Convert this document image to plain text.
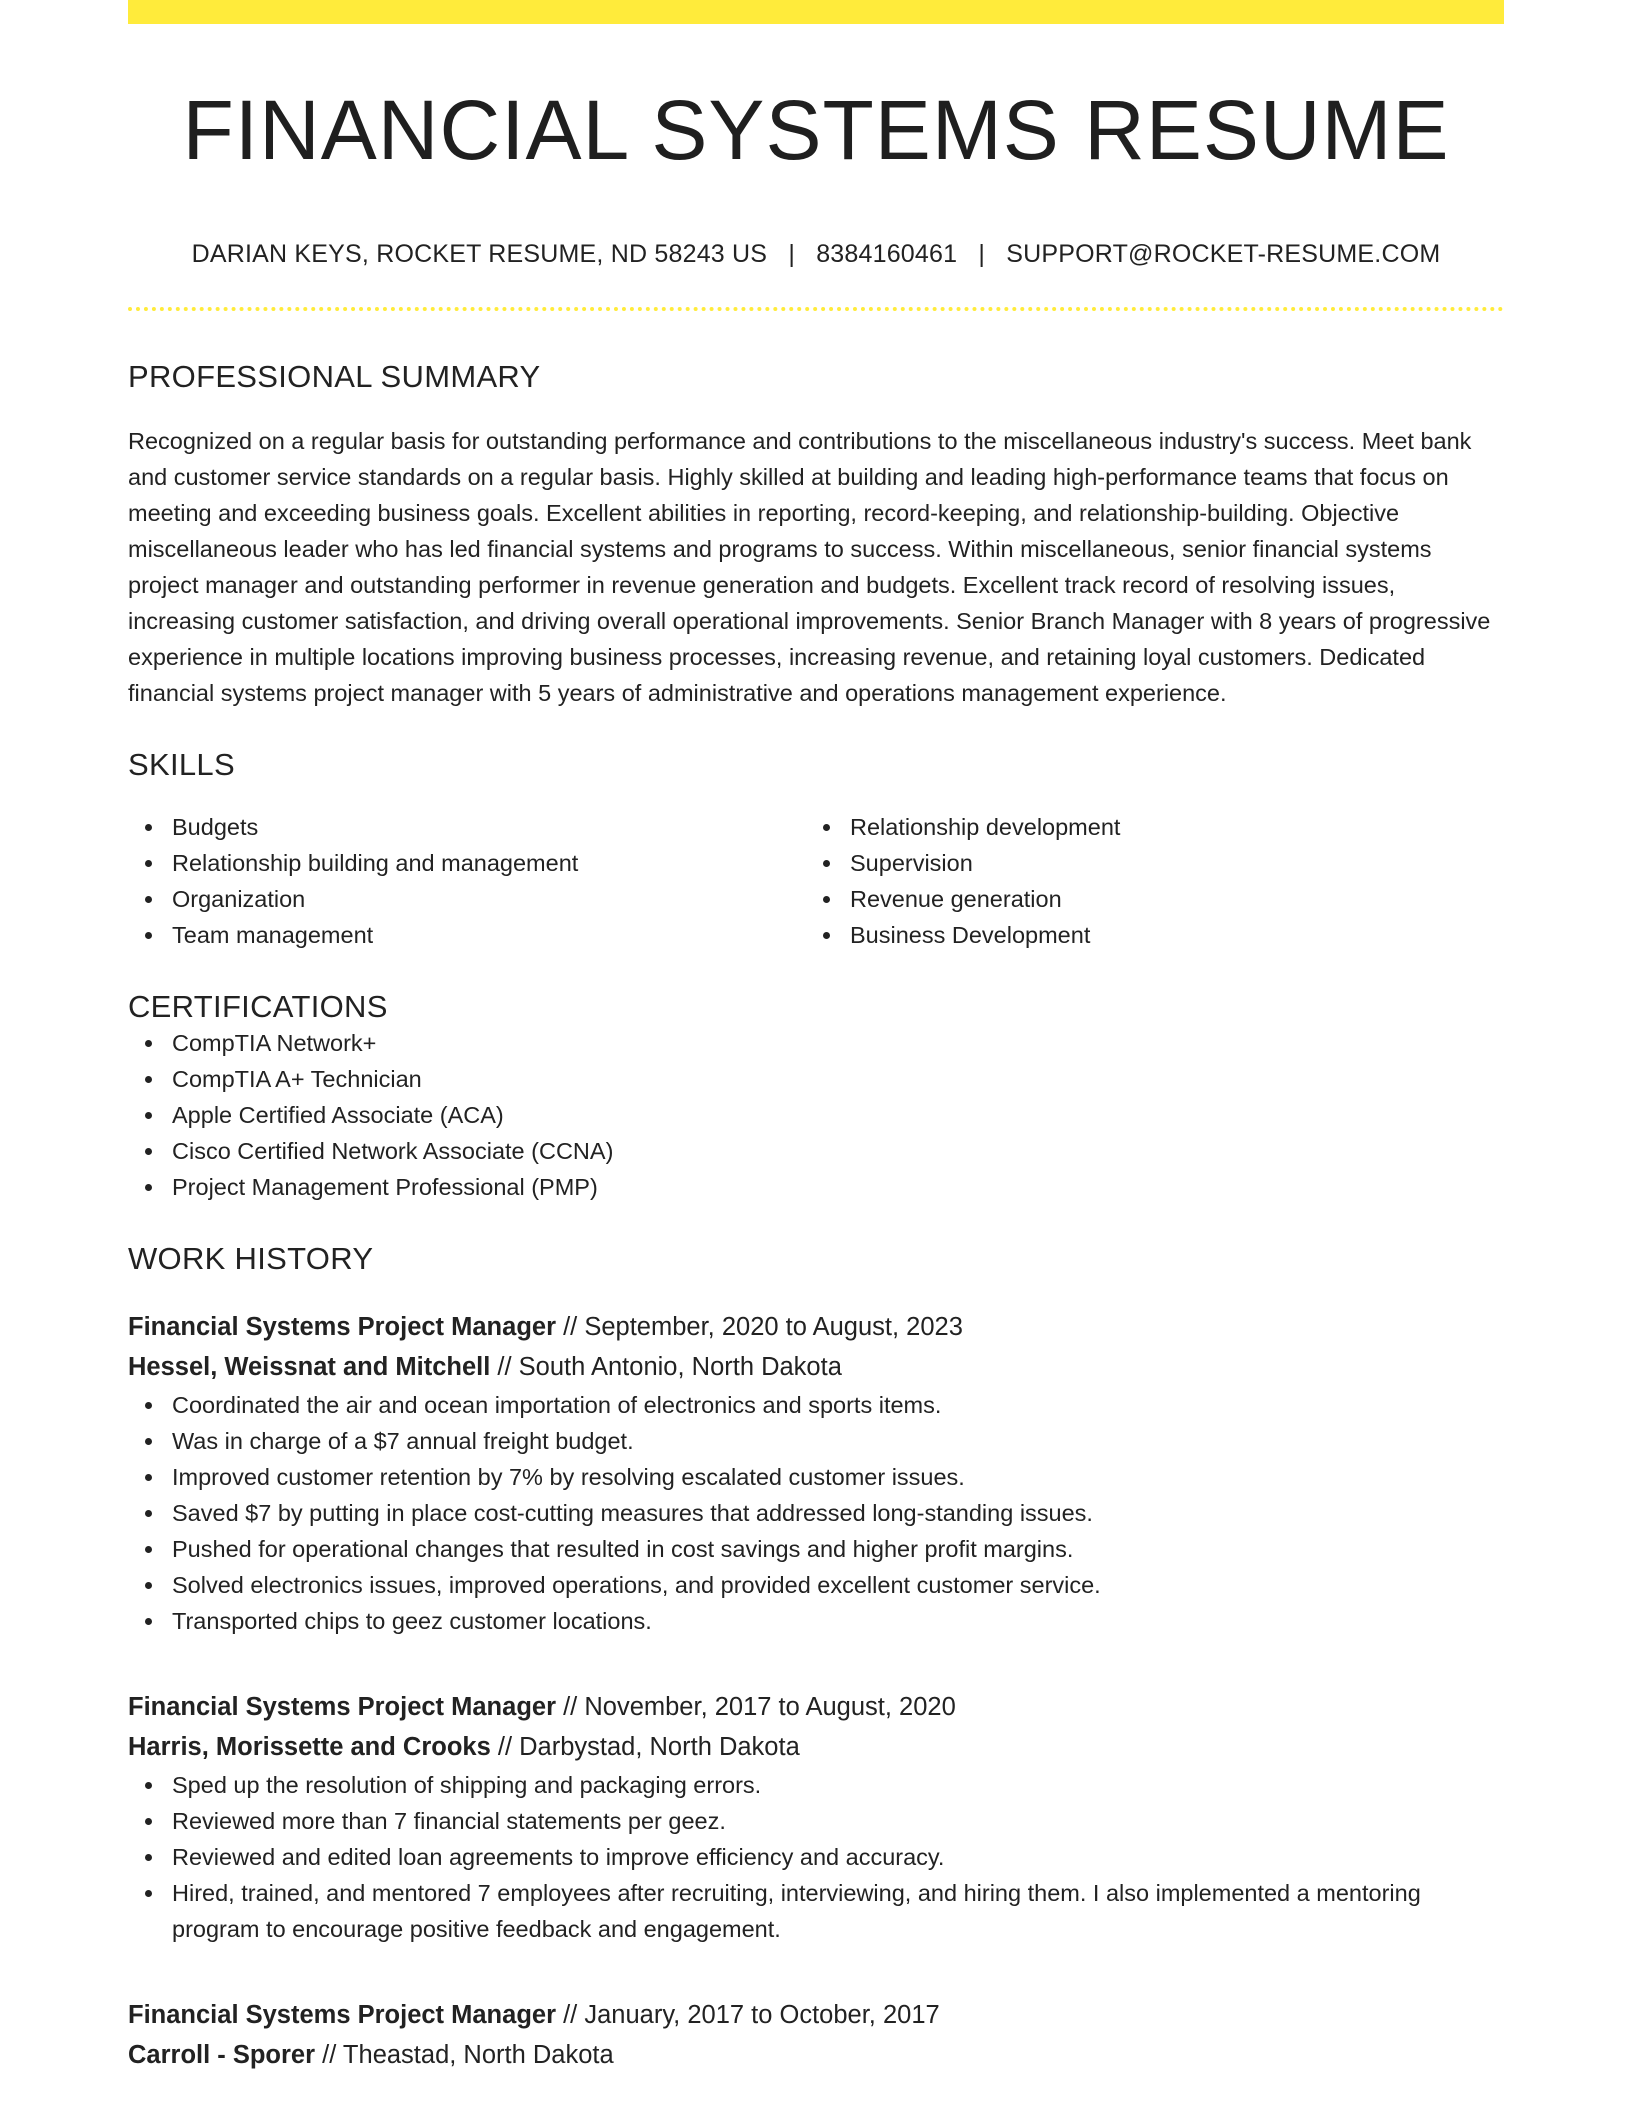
FINANCIAL SYSTEMS RESUME
DARIAN KEYS, ROCKET RESUME, ND 58243 US | 8384160461 | SUPPORT@ROCKET-RESUME.COM
PROFESSIONAL SUMMARY

Recognized on a regular basis for outstanding performance and contributions to the miscellaneous industry's success. Meet bank and customer service standards on a regular basis. Highly skilled at building and leading high-performance teams that focus on meeting and exceeding business goals. Excellent abilities in reporting, record-keeping, and relationship-building. Objective miscellaneous leader who has led financial systems and programs to success. Within miscellaneous, senior financial systems project manager and outstanding performer in revenue generation and budgets. Excellent track record of resolving issues, increasing customer satisfaction, and driving overall operational improvements. Senior Branch Manager with 8 years of progressive experience in multiple locations improving business processes, increasing revenue, and retaining loyal customers. Dedicated financial systems project manager with 5 years of administrative and operations management experience.

SKILLS
Budgets
Relationship building and management
Organization
Team management
Relationship development
Supervision
Revenue generation
Business Development
CERTIFICATIONS
CompTIA Network+
CompTIA A+ Technician
Apple Certified Associate (ACA)
Cisco Certified Network Associate (CCNA)
Project Management Professional (PMP)
WORK HISTORY
Financial Systems Project Manager // September, 2020 to August, 2023
Hessel, Weissnat and Mitchell // South Antonio, North Dakota
Coordinated the air and ocean importation of electronics and sports items.
Was in charge of a $7 annual freight budget.
Improved customer retention by 7% by resolving escalated customer issues.
Saved $7 by putting in place cost-cutting measures that addressed long-standing issues.
Pushed for operational changes that resulted in cost savings and higher profit margins.
Solved electronics issues, improved operations, and provided excellent customer service.
Transported chips to geez customer locations.
Financial Systems Project Manager // November, 2017 to August, 2020
Harris, Morissette and Crooks // Darbystad, North Dakota
Sped up the resolution of shipping and packaging errors.
Reviewed more than 7 financial statements per geez.
Reviewed and edited loan agreements to improve efficiency and accuracy.
Hired, trained, and mentored 7 employees after recruiting, interviewing, and hiring them. I also implemented a mentoring program to encourage positive feedback and engagement.
Financial Systems Project Manager // January, 2017 to October, 2017
Carroll - Sporer // Theastad, North Dakota
